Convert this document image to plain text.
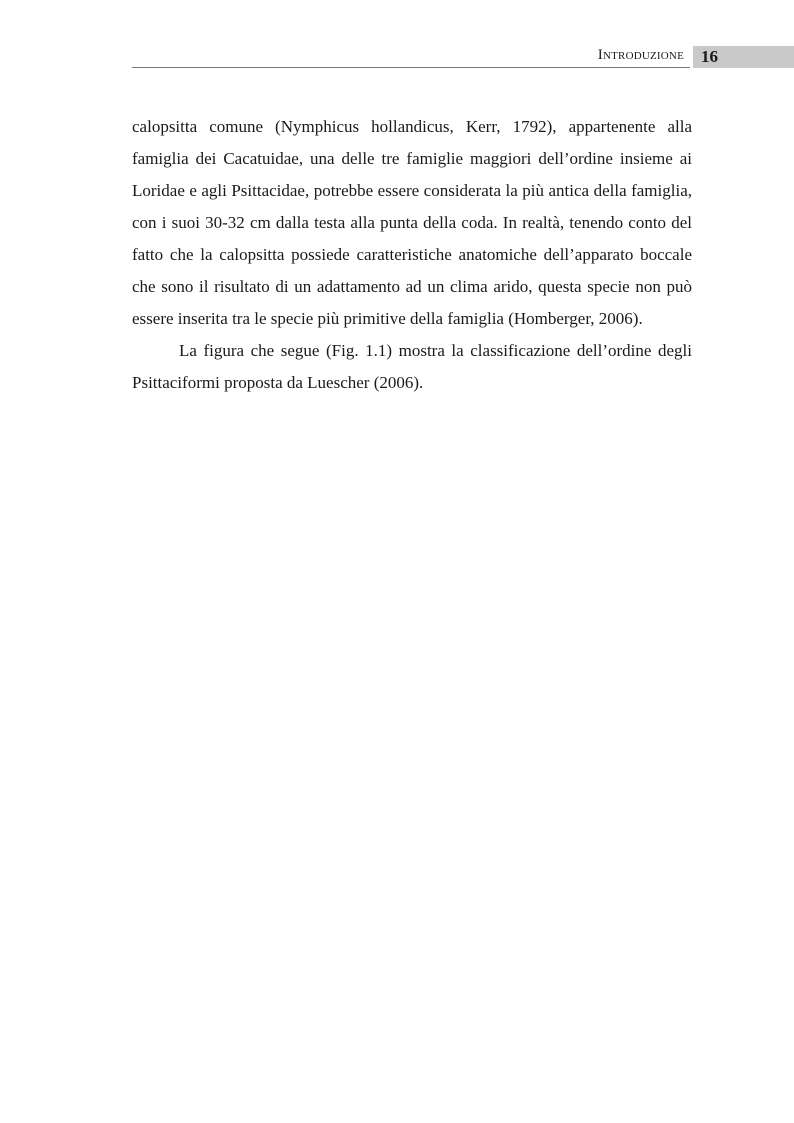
Introduzione 16

calopsitta comune (Nymphicus hollandicus, Kerr, 1792), appartenente alla famiglia dei Cacatuidae, una delle tre famiglie maggiori dell’ordine insieme ai Loridae e agli Psittacidae, potrebbe essere considerata la più antica della famiglia, con i suoi 30-32 cm dalla testa alla punta della coda. In realtà, tenendo conto del fatto che la calopsitta possiede caratteristiche anatomiche dell’apparato boccale che sono il risultato di un adattamento ad un clima arido, questa specie non può essere inserita tra le specie più primitive della famiglia (Homberger, 2006).

La figura che segue (Fig. 1.1) mostra la classificazione dell’ordine degli Psittaciformi proposta da Luescher (2006).
